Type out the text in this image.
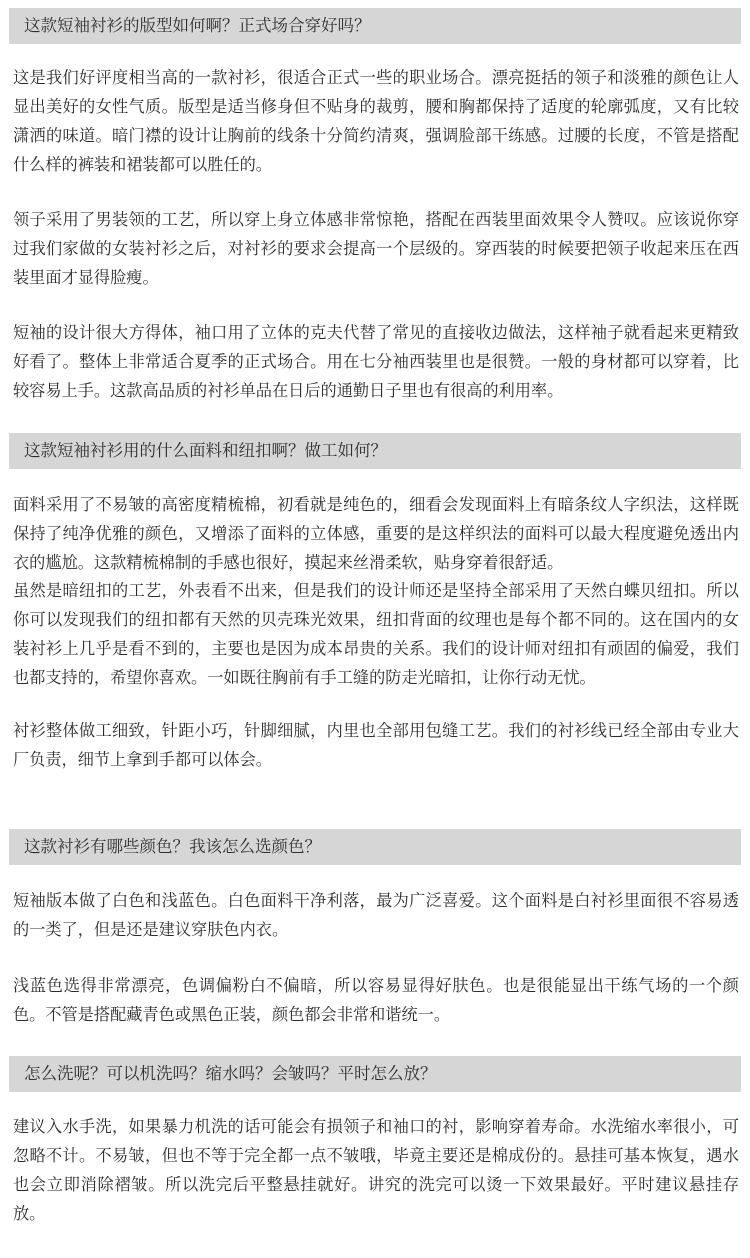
这款短袖衬衫的版型如何啊？正式场合穿好吗？

这是我们好评度相当高的一款衬衫，很适合正式一些的职业场合。漂亮挺括的领子和淡雅的颜色让人显出美好的女性气质。版型是适当修身但不贴身的裁剪，腰和胸都保持了适度的轮廓弧度，又有比较潇洒的味道。暗门襟的设计让胸前的线条十分简约清爽，强调脸部干练感。过腰的长度，不管是搭配什么样的裤装和裙装都可以胜任的。

领子采用了男装领的工艺，所以穿上身立体感非常惊艳，搭配在西装里面效果令人赞叹。应该说你穿过我们家做的女装衬衫之后，对衬衫的要求会提高一个层级的。穿西装的时候要把领子收起来压在西装里面才显得脸瘦。

短袖的设计很大方得体，袖口用了立体的克夫代替了常见的直接收边做法，这样袖子就看起来更精致好看了。整体上非常适合夏季的正式场合。用在七分袖西装里也是很赞。一般的身材都可以穿着，比较容易上手。这款高品质的衬衫单品在日后的通勤日子里也有很高的利用率。

这款短袖衬衫用的什么面料和纽扣啊？做工如何？

面料采用了不易皱的高密度精梳棉，初看就是纯色的，细看会发现面料上有暗条纹人字织法，这样既保持了纯净优雅的颜色，又增添了面料的立体感，重要的是这样织法的面料可以最大程度避免透出内衣的尴尬。这款精梳棉制的手感也很好，摸起来丝滑柔软，贴身穿着很舒适。

虽然是暗纽扣的工艺，外表看不出来，但是我们的设计师还是坚持全部采用了天然白蝶贝纽扣。所以你可以发现我们的纽扣都有天然的贝壳珠光效果，纽扣背面的纹理也是每个都不同的。这在国内的女装衬衫上几乎是看不到的，主要也是因为成本昂贵的关系。我们的设计师对纽扣有顽固的偏爱，我们也都支持的，希望你喜欢。一如既往胸前有手工缝的防走光暗扣，让你行动无忧。

衬衫整体做工细致，针距小巧，针脚细腻，内里也全部用包缝工艺。我们的衬衫线已经全部由专业大厂负责，细节上拿到手都可以体会。

这款衬衫有哪些颜色？我该怎么选颜色？

短袖版本做了白色和浅蓝色。白色面料干净利落，最为广泛喜爱。这个面料是白衬衫里面很不容易透的一类了，但是还是建议穿肤色内衣。

浅蓝色选得非常漂亮，色调偏粉白不偏暗，所以容易显得好肤色。也是很能显出干练气场的一个颜色。不管是搭配藏青色或黑色正装，颜色都会非常和谐统一。

怎么洗呢？可以机洗吗？缩水吗？会皱吗？平时怎么放？

建议入水手洗，如果暴力机洗的话可能会有损领子和袖口的衬，影响穿着寿命。水洗缩水率很小，可忽略不计。不易皱，但也不等于完全都一点不皱哦，毕竟主要还是棉成份的。悬挂可基本恢复，遇水也会立即消除褶皱。所以洗完后平整悬挂就好。讲究的洗完可以烫一下效果最好。平时建议悬挂存放。
